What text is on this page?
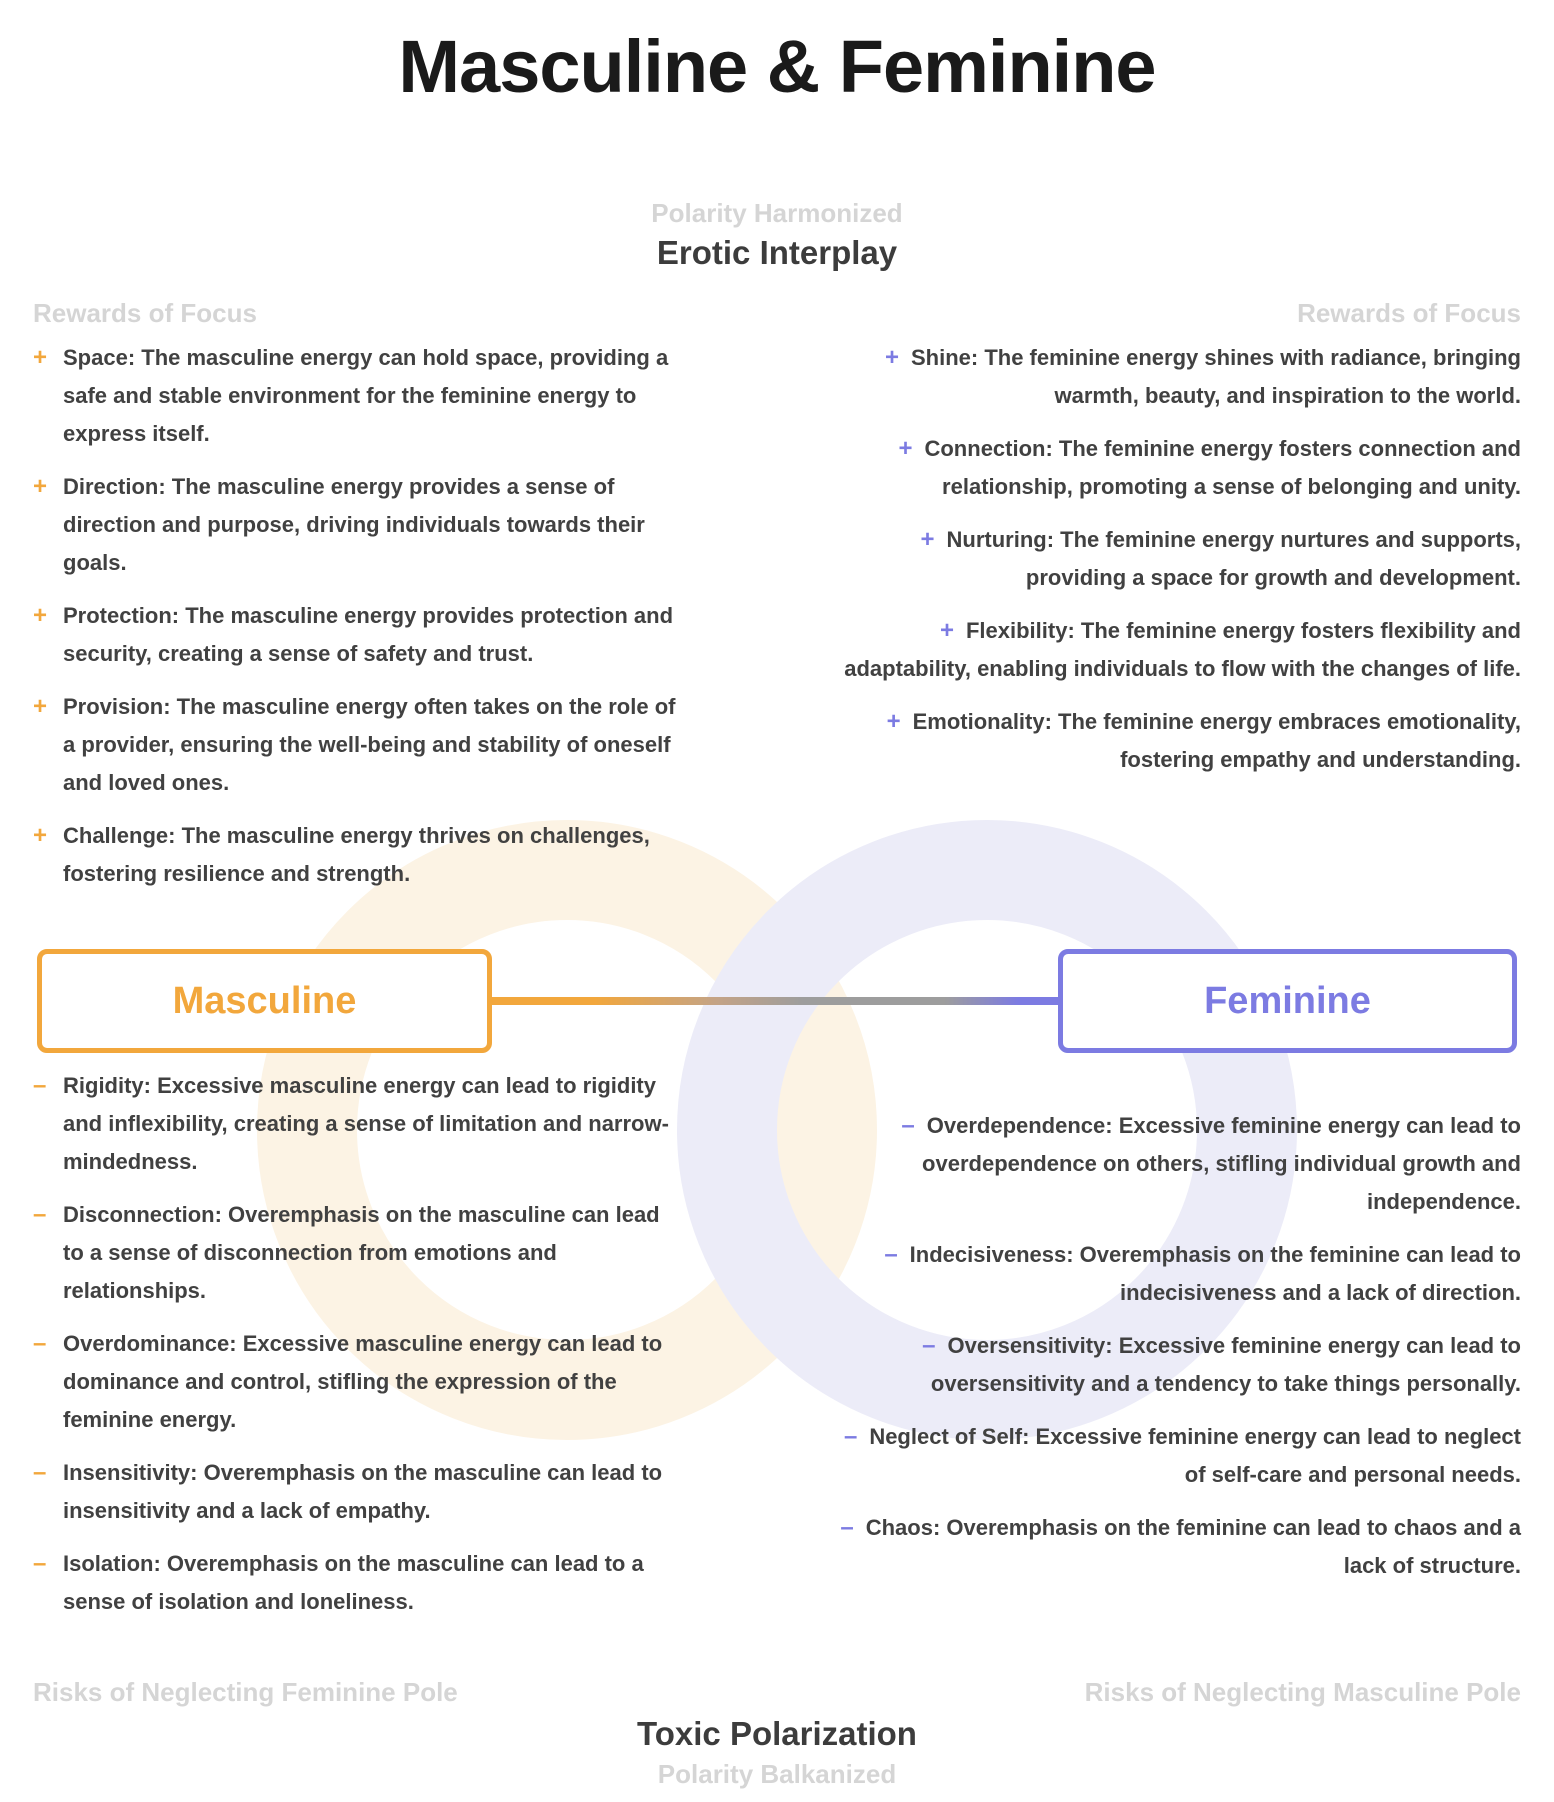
Masculine & Feminine
Polarity Harmonized
Erotic Interplay
Rewards of Focus	Rewards of Focus
+ Space: The masculine energy can hold space, providing a safe and stable environment for the feminine energy to express itself.
+ Direction: The masculine energy provides a sense of direction and purpose, driving individuals towards their goals.
+ Protection: The masculine energy provides protection and security, creating a sense of safety and trust.
+ Provision: The masculine energy often takes on the role of a provider, ensuring the well-being and stability of oneself and loved ones.
+ Challenge: The masculine energy thrives on challenges, fostering resilience and strength.
+ Shine: The feminine energy shines with radiance, bringing warmth, beauty, and inspiration to the world.
+ Connection: The feminine energy fosters connection and relationship, promoting a sense of belonging and unity.
+ Nurturing: The feminine energy nurtures and supports, providing a space for growth and development.
+ Flexibility: The feminine energy fosters flexibility and adaptability, enabling individuals to flow with the changes of life.
+ Emotionality: The feminine energy embraces emotionality, fostering empathy and understanding.
Masculine	Feminine
– Rigidity: Excessive masculine energy can lead to rigidity and inflexibility, creating a sense of limitation and narrow-mindedness.
– Disconnection: Overemphasis on the masculine can lead to a sense of disconnection from emotions and relationships.
– Overdominance: Excessive masculine energy can lead to dominance and control, stifling the expression of the feminine energy.
– Insensitivity: Overemphasis on the masculine can lead to insensitivity and a lack of empathy.
– Isolation: Overemphasis on the masculine can lead to a sense of isolation and loneliness.
– Overdependence: Excessive feminine energy can lead to overdependence on others, stifling individual growth and independence.
– Indecisiveness: Overemphasis on the feminine can lead to indecisiveness and a lack of direction.
– Oversensitivity: Excessive feminine energy can lead to oversensitivity and a tendency to take things personally.
– Neglect of Self: Excessive feminine energy can lead to neglect of self-care and personal needs.
– Chaos: Overemphasis on the feminine can lead to chaos and a lack of structure.
Risks of Neglecting Feminine Pole	Risks of Neglecting Masculine Pole
Toxic Polarization
Polarity Balkanized
